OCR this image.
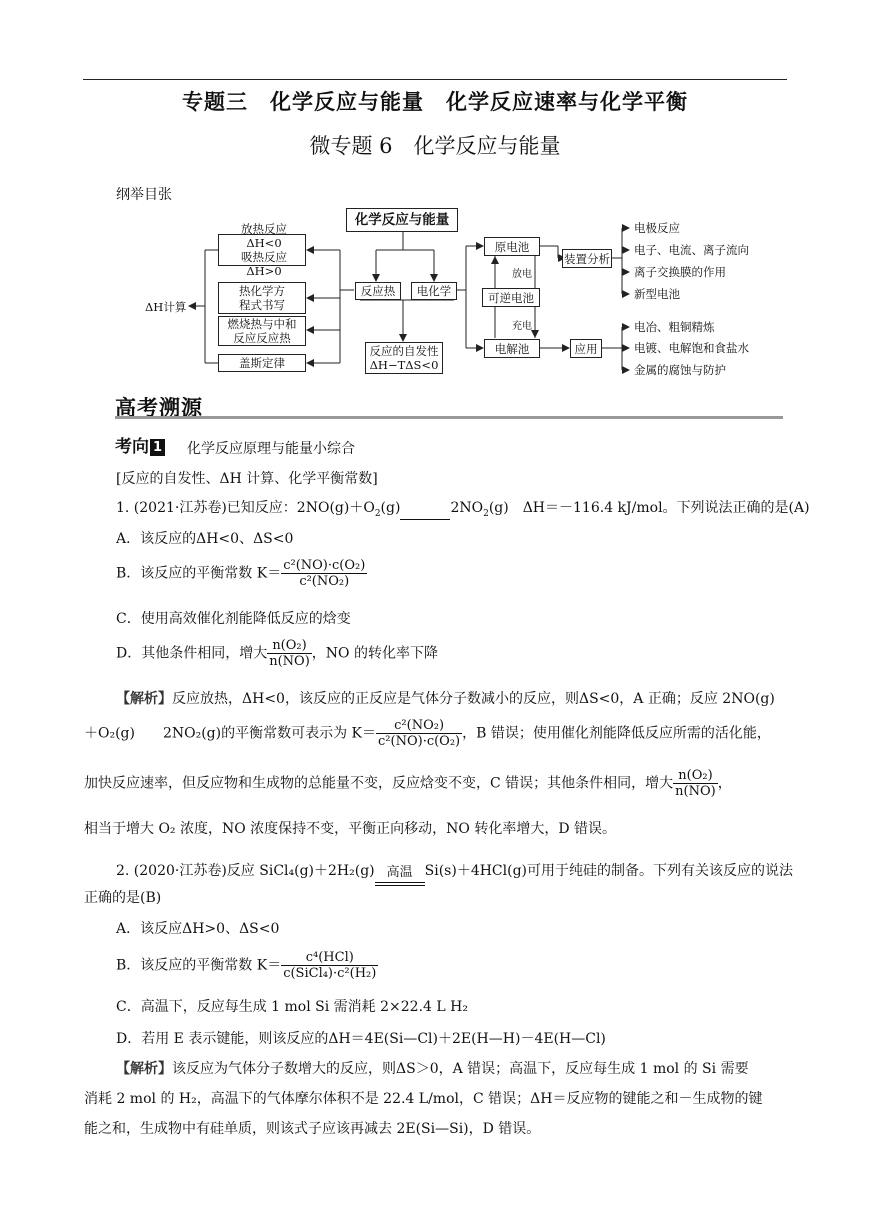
专题三　化学反应与能量　化学反应速率与化学平衡
微专题 6　化学反应与能量
纲举目张
化学反应与能量
反应热	电化学
反应的自发性
ΔH−TΔS<0
放热反应 ΔH<0
吸热反应 ΔH>0
热化学方
程式书写
燃烧热与中和
反应反应热
盖斯定律
ΔH计算
原电池
可逆电池
电解池
放电
充电
装置分析
应用
电极反应
电子、电流、离子流向
离子交换膜的作用
新型电池
电冶、粗铜精炼
电镀、电解饱和食盐水
金属的腐蚀与防护
高考溯源
考向 1 化学反应原理与能量小综合
[反应的自发性、ΔH 计算、化学平衡常数]
1. (2021·江苏卷)已知反应：$2NO(g)+O_2(g)$	$2NO_2(g)$　ΔH＝－116.4 kJ/mol。下列说法正确的是(A)
A．该反应的ΔH<0、ΔS<0
B．该反应的平衡常数 $K= \frac{\text{c²(NO)·c(O₂)}}{\text{c²(NO₂)}}$
C．使用高效催化剂能降低反应的焓变
D．其他条件相同，增大 $\frac{\text{n(O₂)}}{n(NO)}$ ，NO 的转化率下降
【解析】反应放热，ΔH<0，该反应的正反应是气体分子数减小的反应，则ΔS<0，A 正确；反应 2NO(g)
＋O₂(g)　　2NO₂(g)的平衡常数可表示为 $K= \frac{\text{c²(NO₂)}}{\text{c²(NO)·c(O₂)}}$ ，B 错误；使用催化剂能降低反应所需的活化能，
加快反应速率，但反应物和生成物的总能量不变，反应焓变不变，C 错误；其他条件相同，增大 $\frac{\text{n(O₂)}}{n(NO)}$ ，
相当于增大 O₂ 浓度，NO 浓度保持不变，平衡正向移动，NO 转化率增大，D 错误。
2. (2020·江苏卷)反应 SiCl₄(g)＋2H₂(g) 高温 Si(s)＋4HCl(g)可用于纯硅的制备。下列有关该反应的说法
正确的是(B)
A．该反应ΔH>0、ΔS<0
B．该反应的平衡常数 $K= \frac{\text{c⁴(HCl)}}{\text{c(SiCl₄)·c²(H₂)}}$
C．高温下，反应每生成 1 mol Si 需消耗 2×22.4 L H₂
D．若用 E 表示键能，则该反应的ΔH＝4E(Si—Cl)＋2E(H—H)－4E(H—Cl)
【解析】该反应为气体分子数增大的反应，则ΔS＞0，A 错误；高温下，反应每生成 1 mol 的 Si 需要
消耗 2 mol 的 H₂，高温下的气体摩尔体积不是 22.4 L/mol，C 错误；ΔH＝反应物的键能之和－生成物的键
能之和，生成物中有硅单质，则该式子应该再减去 2E(Si—Si)，D 错误。
